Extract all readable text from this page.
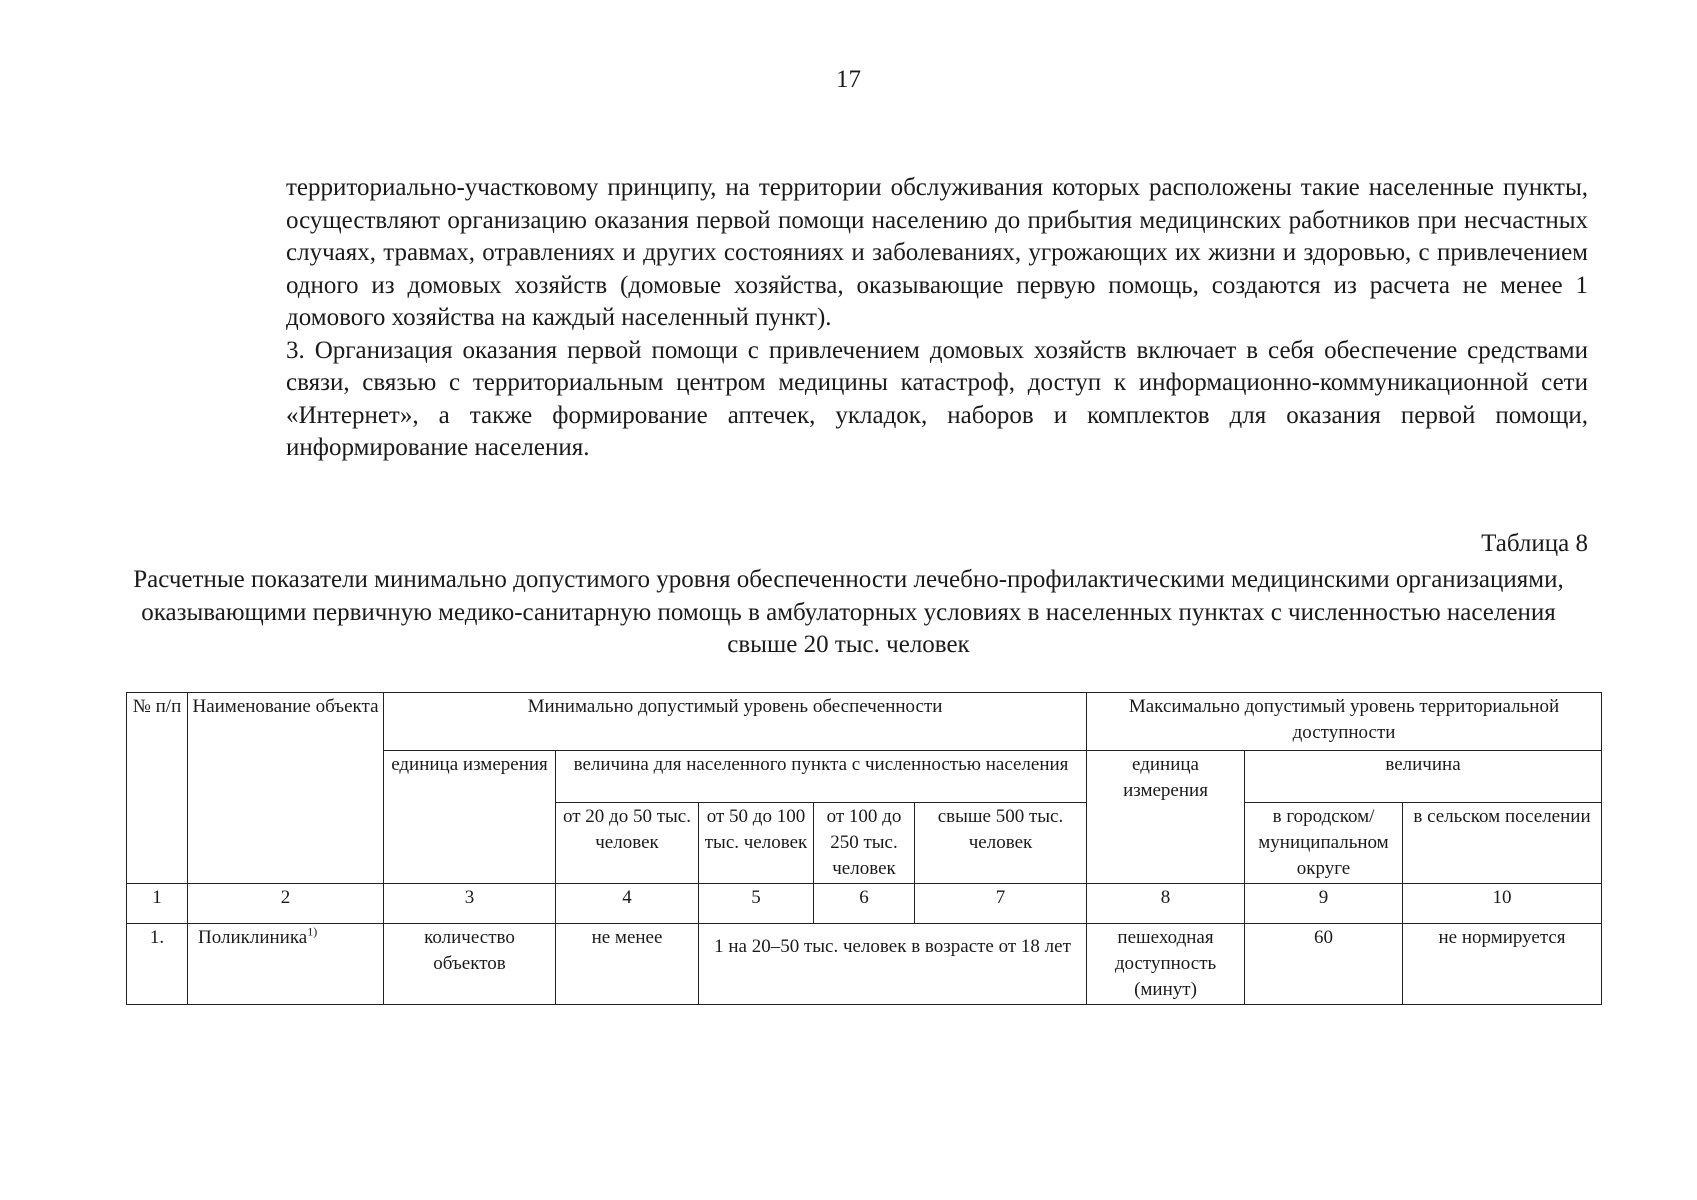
17

территориально-участковому принципу, на территории обслуживания которых расположены такие населенные пункты, осуществляют организацию оказания первой помощи населению до прибытия медицинских работников при несчастных случаях, травмах, отравлениях и других состояниях и заболеваниях, угрожающих их жизни и здоровью, с привлечением одного из домовых хозяйств (домовые хозяйства, оказывающие первую помощь, создаются из расчета не менее 1 домового хозяйства на каждый населенный пункт).

3. Организация оказания первой помощи с привлечением домовых хозяйств включает в себя обеспечение средствами связи, связью с территориальным центром медицины катастроф, доступ к информационно-коммуникационной сети «Интернет», а также формирование аптечек, укладок, наборов и комплектов для оказания первой помощи, информирование населения.

Таблица 8
Расчетные показатели минимально допустимого уровня обеспеченности лечебно-профилактическими медицинскими организациями, оказывающими первичную медико-санитарную помощь в амбулаторных условиях в населенных пунктах с численностью населения свыше 20 тыс. человек
№ п/п	Наименование объекта	Минимально допустимый уровень обеспеченности					Максимально допустимый уровень территориальной доступности		
		единица измерения	величина для населенного пункта с численностью населения				единица измерения	величина	
			от 20 до 50 тыс. человек	от 50 до 100 тыс. человек	от 100 до 250 тыс. человек	свыше 500 тыс. человек		в городском/ муниципальном округе	в сельском поселении
1	2	3	4	5	6	7	8	9	10
1.	Поликлиника$^{1)}$	количество объектов	не менее	1 на 20–50 тыс. человек в возрасте от 18 лет			пешеходная доступность (минут)	60	не нормируется
